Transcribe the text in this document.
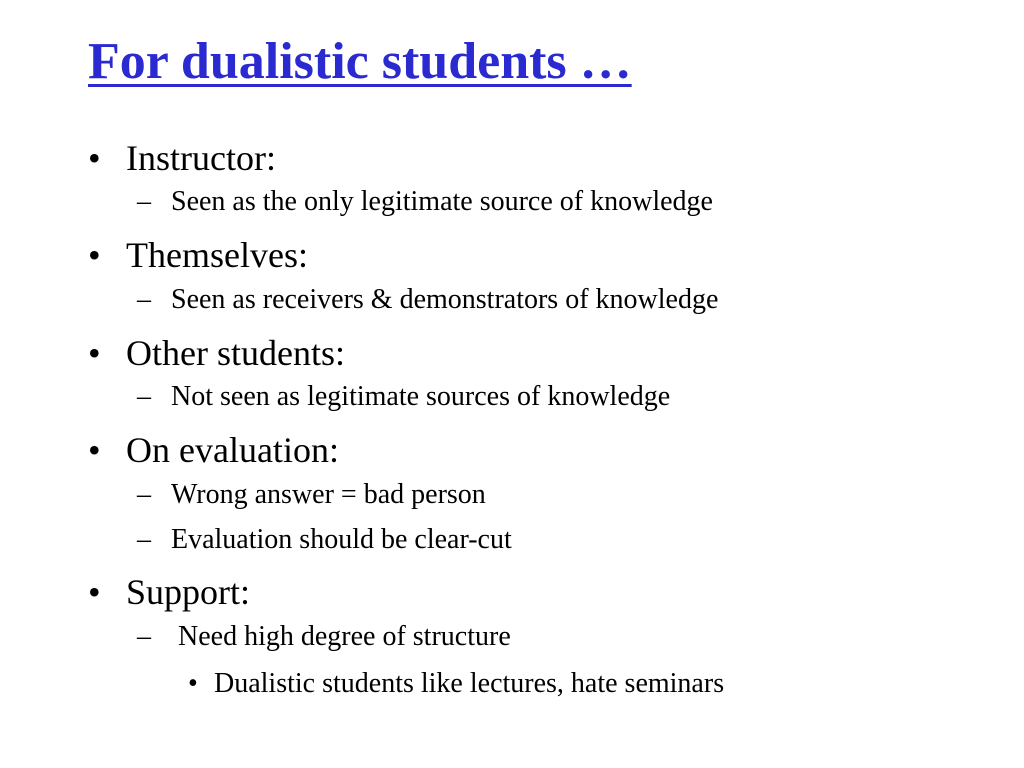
For dualistic students …
• Instructor:
– Seen as the only legitimate source of knowledge
• Themselves:
– Seen as receivers & demonstrators of knowledge
• Other students:
– Not seen as legitimate sources of knowledge
• On evaluation:
– Wrong answer = bad person
– Evaluation should be clear-cut
• Support:
– Need high degree of structure
• Dualistic students like lectures, hate seminars
